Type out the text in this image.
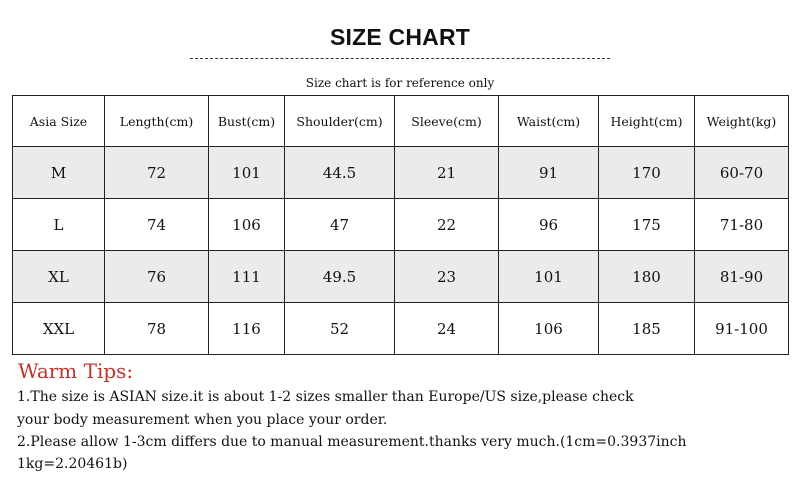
SIZE CHART
Size chart is for reference only
Asia Size	Length(cm)	Bust(cm)	Shoulder(cm)	Sleeve(cm)	Waist(cm)	Height(cm)	Weight(kg)
M	72	101	44.5	21	91	170	60-70
L	74	106	47	22	96	175	71-80
XL	76	111	49.5	23	101	180	81-90
XXL	78	116	52	24	106	185	91-100
Warm Tips:
1.The size is ASIAN size.it is about 1-2 sizes smaller than Europe/US size,please check
your body measurement when you place your order.
2.Please allow 1-3cm differs due to manual measurement.thanks very much.(1cm=0.3937inch
1kg=2.20461b)
